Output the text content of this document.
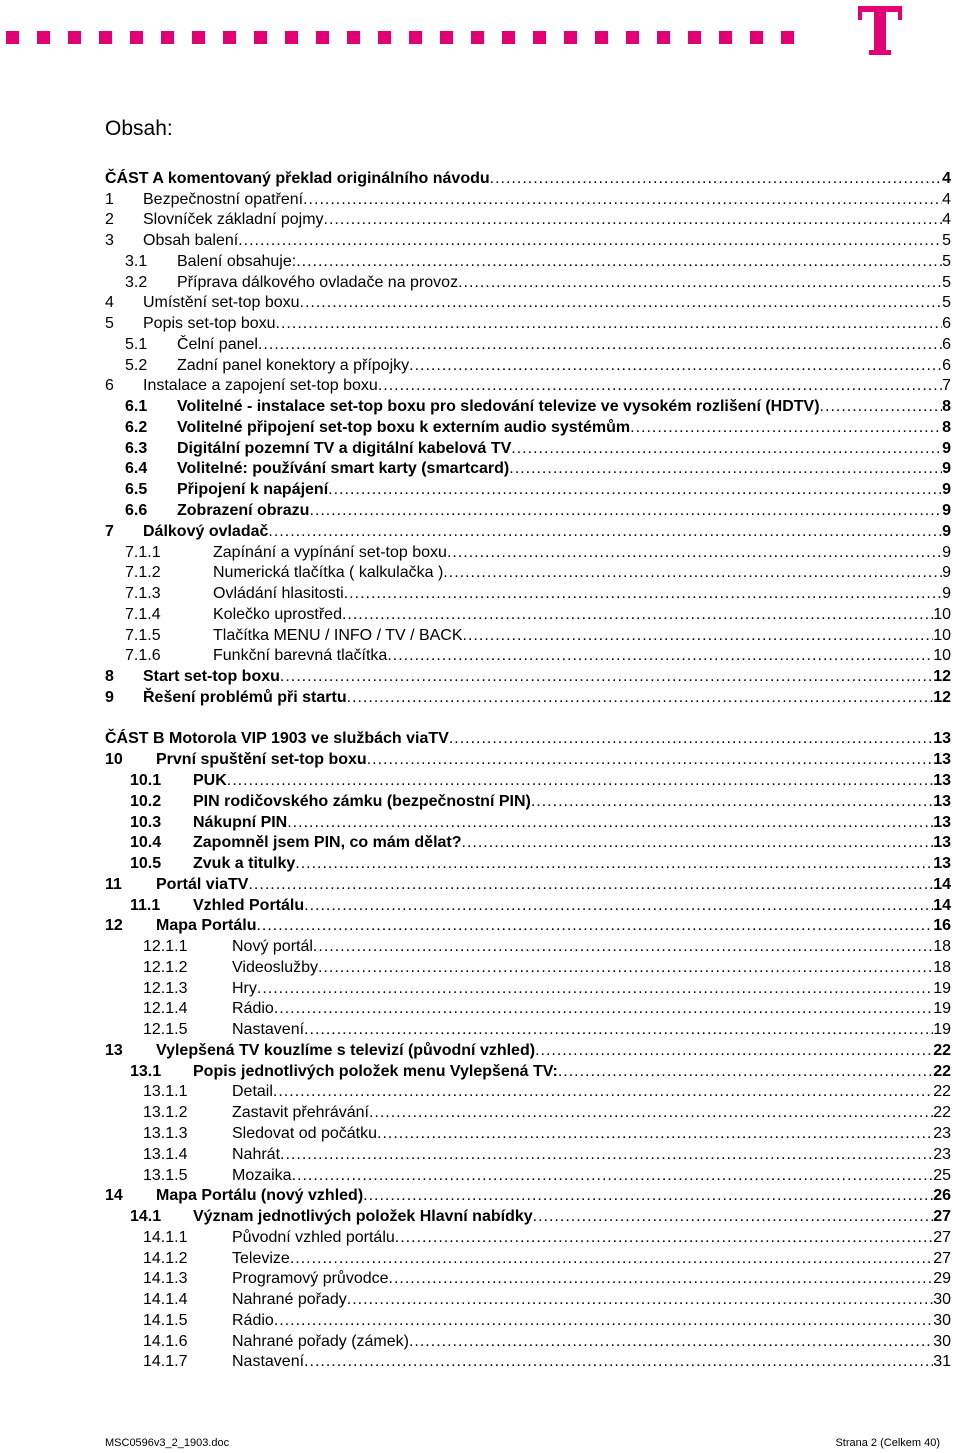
Obsah:
ČÁST A komentovaný překlad originálního návodu .....	4
1	Bezpečnostní opatření .....	4
2	Slovníček základní pojmy .....	4
3	Obsah balení .....	5
3.1	Balení obsahuje: .....	5
3.2	Příprava dálkového ovladače na provoz .....	5
4	Umístění set-top boxu .....	5
5	Popis set-top boxu .....	6
5.1	Čelní panel .....	6
5.2	Zadní panel konektory a přípojky .....	6
6	Instalace a zapojení set-top boxu .....	7
6.1	Volitelné - instalace set-top boxu pro sledování televize ve vysokém rozlišení (HDTV) .....	8
6.2	Volitelné připojení set-top boxu k externím audio systémům .....	8
6.3	Digitální pozemní TV a digitální kabelová TV .....	9
6.4	Volitelné: používání smart karty (smartcard) .....	9
6.5	Připojení k napájení .....	9
6.6	Zobrazení obrazu .....	9
7	Dálkový ovladač .....	9
7.1.1	Zapínání a vypínání set-top boxu .....	9
7.1.2	Numerická tlačítka ( kalkulačka ) .....	9
7.1.3	Ovládání hlasitosti .....	9
7.1.4	Kolečko uprostřed .....	10
7.1.5	Tlačítka MENU / INFO / TV / BACK .....	10
7.1.6	Funkční barevná tlačítka .....	10
8	Start set-top boxu .....	12
9	Řešení problémů při startu .....	12
ČÁST B Motorola VIP 1903 ve službách viaTV .....	13
10	První spuštění set-top boxu .....	13
10.1	PUK .....	13
10.2	PIN rodičovského zámku (bezpečnostní PIN) .....	13
10.3	Nákupní PIN .....	13
10.4	Zapomněl jsem PIN, co mám dělat? .....	13
10.5	Zvuk a titulky .....	13
11	Portál viaTV .....	14
11.1	Vzhled Portálu .....	14
12	Mapa Portálu .....	16
12.1.1	Nový portál .....	18
12.1.2	Videoslužby .....	18
12.1.3	Hry .....	19
12.1.4	Rádio .....	19
12.1.5	Nastavení .....	19
13	Vylepšená TV kouzlíme s televizí (původní vzhled) .....	22
13.1	Popis jednotlivých položek menu Vylepšená TV: .....	22
13.1.1	Detail .....	22
13.1.2	Zastavit přehrávání .....	22
13.1.3	Sledovat od počátku .....	23
13.1.4	Nahrát .....	23
13.1.5	Mozaika .....	25
14	Mapa Portálu (nový vzhled) .....	26
14.1	Význam jednotlivých položek Hlavní nabídky .....	27
14.1.1	Původní vzhled portálu .....	27
14.1.2	Televize .....	27
14.1.3	Programový průvodce .....	29
14.1.4	Nahrané pořady .....	30
14.1.5	Rádio .....	30
14.1.6	Nahrané pořady (zámek) .....	30
14.1.7	Nastavení .....	31
MSC0596v3_2_1903.doc	Strana 2 (Celkem 40)
